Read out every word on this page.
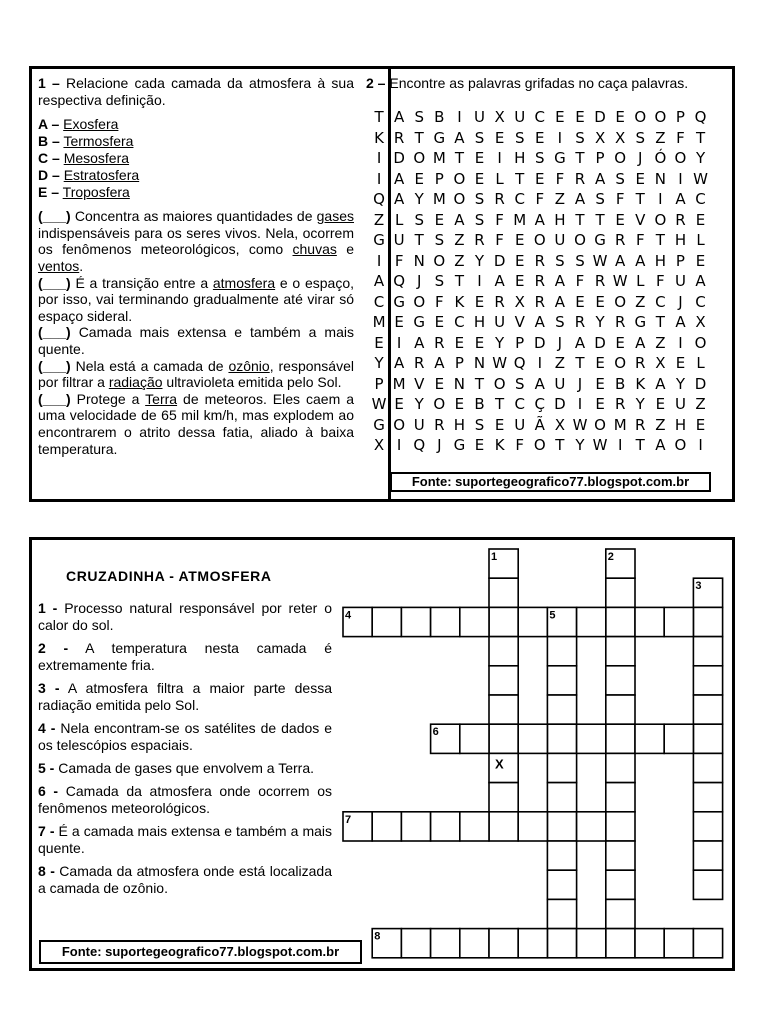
1 – Relacione cada camada da atmosfera à sua respectiva definição.

A – Exosfera

B – Termosfera

C – Mesosfera

D – Estratosfera

E – Troposfera

(___) Concentra as maiores quantidades de gases indispensáveis para os seres vivos. Nela, ocorrem os fenômenos meteorológicos, como chuvas e ventos.

(___) É a transição entre a atmosfera e o espaço, por isso, vai terminando gradualmente até virar só espaço sideral.

(___) Camada mais extensa e também a mais quente.

(___) Nela está a camada de ozônio, responsável por filtrar a radiação ultravioleta emitida pelo Sol.

(___) Protege a Terra de meteoros. Eles caem a uma velocidade de 65 mil km/h, mas explodem ao encontrarem o atrito dessa fatia, aliado à baixa temperatura.

2 – Encontre as palavras grifadas no caça palavras.
T A S B I U X U C E E D E O O P Q
K R T G A S E S E I S X X S Z F T
I D O M T E I H S G T P O J Ó O Y
I A E P O E L T E F R A S E N I W
Q A Y M O S R C F Z A S F T I A C
Z L S E A S F M A H T T E V O R E
G U T S Z R F E O U O G R F T H L
I F N O Z Y D E R S S W A A H P E
A Q J S T I A E R A F R W L F U A
C G O F K E R X R A E E O Z C J C
M E G E C H U V A S R Y R G T A X
E I A R E E Y P D J A D E A Z I O
Y A R A P N W Q I Z T E O R X E L
P M V E N T O S A U J E B K A Y D
W E Y O E B T C Ç D I E R Y E U Z
G O U R H S E U Ã X W O M R Z H E
X I Q J G E K F O T Y W I T A O I
Fonte: suportegeografico77.blogspot.com.br
CRUZADINHA - ATMOSFERA

1 - Processo natural responsável por reter o calor do sol.

2 - A temperatura nesta camada é extremamente fria.

3 - A atmosfera filtra a maior parte dessa radiação emitida pelo Sol.

4 - Nela encontram-se os satélites de dados e os telescópios espaciais.

5 - Camada de gases que envolvem a Terra.

6 - Camada da atmosfera onde ocorrem os fenômenos meteorológicos.

7 - É a camada mais extensa e também a mais quente.

8 - Camada da atmosfera onde está localizada a camada de ozônio.

Fonte: suportegeografico77.blogspot.com.br
1	2
3
4	5
6
7
8
X
